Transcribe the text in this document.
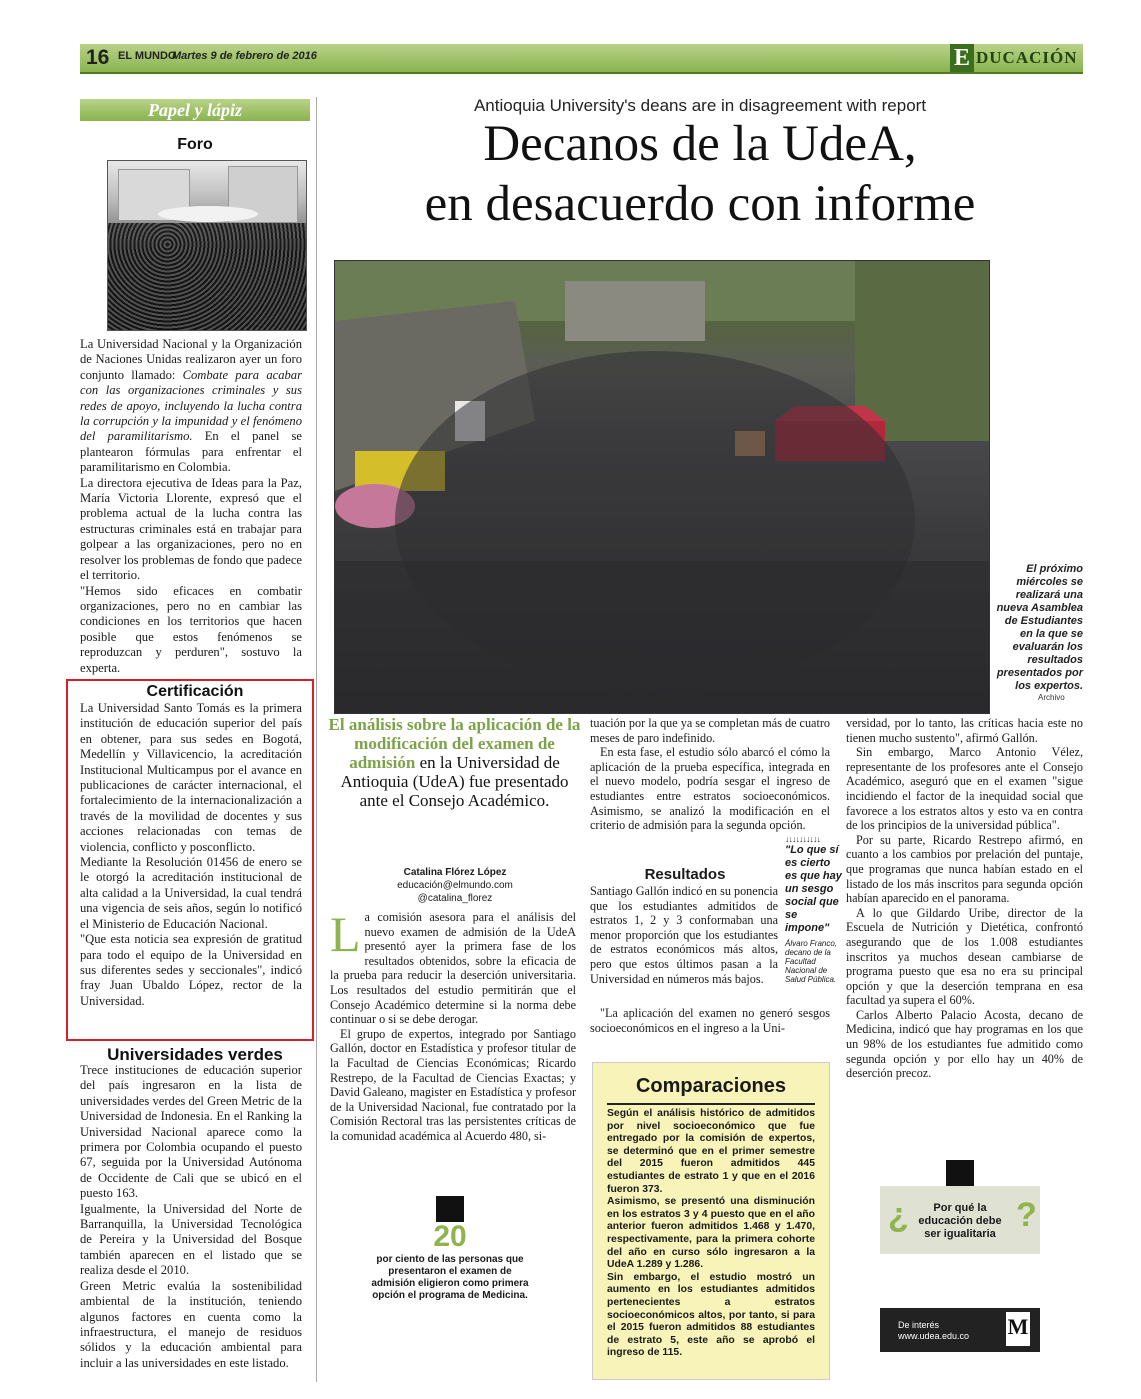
16 EL MUNDO
Martes 9 de febrero de 2016	E DUCACIÓN
Papel y lápiz
Foro

La Universidad Nacional y la Organización de Naciones Unidas realizaron ayer un foro conjunto llamado: Combate para acabar con las organizaciones criminales y sus redes de apoyo, incluyendo la lucha contra la corrupción y la impunidad y el fenómeno del paramilitarismo. En el panel se plantearon fórmulas para enfrentar el paramilitarismo en Colombia.

La directora ejecutiva de Ideas para la Paz, María Victoria Llorente, expresó que el problema actual de la lucha contra las estructuras criminales está en trabajar para golpear a las organizaciones, pero no en resolver los problemas de fondo que padece el territorio.

"Hemos sido eficaces en combatir organizaciones, pero no en cambiar las condiciones en los territorios que hacen posible que estos fenómenos se reproduzcan y perduren", sostuvo la experta.

Certificación

La Universidad Santo Tomás es la primera institución de educación superior del país en obtener, para sus sedes en Bogotá, Medellín y Villavicencio, la acreditación Institucional Multicampus por el avance en publicaciones de carácter internacional, el fortalecimiento de la internacionalización a través de la movilidad de docentes y sus acciones relacionadas con temas de violencia, conflicto y posconflicto.

Mediante la Resolución 01456 de enero se le otorgó la acreditación institucional de alta calidad a la Universidad, la cual tendrá una vigencia de seis años, según lo notificó el Ministerio de Educación Nacional.

"Que esta noticia sea expresión de gratitud para todo el equipo de la Universidad en sus diferentes sedes y seccionales", indicó fray Juan Ubaldo López, rector de la Universidad.

Universidades verdes

Trece instituciones de educación superior del país ingresaron en la lista de universidades verdes del Green Metric de la Universidad de Indonesia. En el Ranking la Universidad Nacional aparece como la primera por Colombia ocupando el puesto 67, seguida por la Universidad Autónoma de Occidente de Cali que se ubicó en el puesto 163.

Igualmente, la Universidad del Norte de Barranquilla, la Universidad Tecnológica de Pereira y la Universidad del Bosque también aparecen en el listado que se realiza desde el 2010.

Green Metric evalúa la sostenibilidad ambiental de la institución, teniendo algunos factores en cuenta como la infraestructura, el manejo de residuos sólidos y la educación ambiental para incluir a las universidades en este listado.

Antioquia University's deans are in disagreement with report
Decanos de la UdeA,
en desacuerdo con informe
El próximo miércoles se realizará una nueva Asamblea de Estudiantes en la que se evaluarán los resultados presentados por los expertos.
Archivo
El análisis sobre la aplicación de la modificación del examen de admisión en la Universidad de Antioquia (UdeA) fue presentado ante el Consejo Académico.
Catalina Flórez López
educación@elmundo.com
@catalina_florez
L a comisión asesora para el análisis del nuevo examen de admisión de la UdeA presentó ayer la primera fase de los resultados obtenidos, sobre la eficacia de la prueba para reducir la deserción universitaria. Los resultados del estudio permitirán que el Consejo Académico determine si la norma debe continuar o si se debe derogar.

El grupo de expertos, integrado por Santiago Gallón, doctor en Estadística y profesor titular de la Facultad de Ciencias Económicas; Ricardo Restrepo, de la Facultad de Ciencias Exactas; y David Galeano, magister en Estadística y profesor de la Universidad Nacional, fue contratado por la Comisión Rectoral tras las persistentes críticas de la comunidad académica al Acuerdo 480, si-

tuación por la que ya se completan más de cuatro meses de paro indefinido.

En esta fase, el estudio sólo abarcó el cómo la aplicación de la prueba específica, integrada en el nuevo modelo, podría sesgar el ingreso de estudiantes entre estratos socioeconómicos. Asimismo, se analizó la modificación en el criterio de admisión para la segunda opción.

Resultados

Santiago Gallón indicó en su ponencia que los estudiantes admitidos de estratos 1, 2 y 3 conformaban una menor proporción que los estudiantes de estratos económicos más altos, pero que estos últimos pasan a la Universidad en números más bajos.

"La aplicación del examen no generó sesgos socioeconómicos en el ingreso a la Uni-

↓↓↓↓↓↓↓↓↓↓
"Lo que sí es cierto es que hay un sesgo social que se impone"
Álvaro Franco, decano de la Facultad Nacional de Salud Pública.

versidad, por lo tanto, las críticas hacia este no tienen mucho sustento", afirmó Gallón.

Sin embargo, Marco Antonio Vélez, representante de los profesores ante el Consejo Académico, aseguró que en el examen "sigue incidiendo el factor de la inequidad social que favorece a los estratos altos y esto va en contra de los principios de la universidad pública".

Por su parte, Ricardo Restrepo afirmó, en cuanto a los cambios por prelación del puntaje, que programas que nunca habían estado en el listado de los más inscritos para segunda opción habían aparecido en el panorama.

A lo que Gildardo Uribe, director de la Escuela de Nutrición y Dietética, confrontó asegurando que de los 1.008 estudiantes inscritos ya muchos desean cambiarse de programa puesto que esa no era su principal opción y que la deserción temprana en esa facultad ya supera el 60%.

Carlos Alberto Palacio Acosta, decano de Medicina, indicó que hay programas en los que un 98% de los estudiantes fue admitido como segunda opción y por ello hay un 40% de deserción precoz.

20
por ciento de las personas que presentaron el examen de admisión eligieron como primera opción el programa de Medicina.
Comparaciones

Según el análisis histórico de admitidos por nivel socioeconómico que fue entregado por la comisión de expertos, se determinó que en el primer semestre del 2015 fueron admitidos 445 estudiantes de estrato 1 y que en el 2016 fueron 373.

Asimismo, se presentó una disminución en los estratos 3 y 4 puesto que en el año anterior fueron admitidos 1.468 y 1.470, respectivamente, para la primera cohorte del año en curso sólo ingresaron a la UdeA 1.289 y 1.286.

Sin embargo, el estudio mostró un aumento en los estudiantes admitidos pertenecientes a estratos socioeconómicos altos, por tanto, si para el 2015 fueron admitidos 88 estudiantes de estrato 5, este año se aprobó el ingreso de 115.

¿	Por qué la educación debe ser igualitaria ?
De interés
www.udea.edu.co M
